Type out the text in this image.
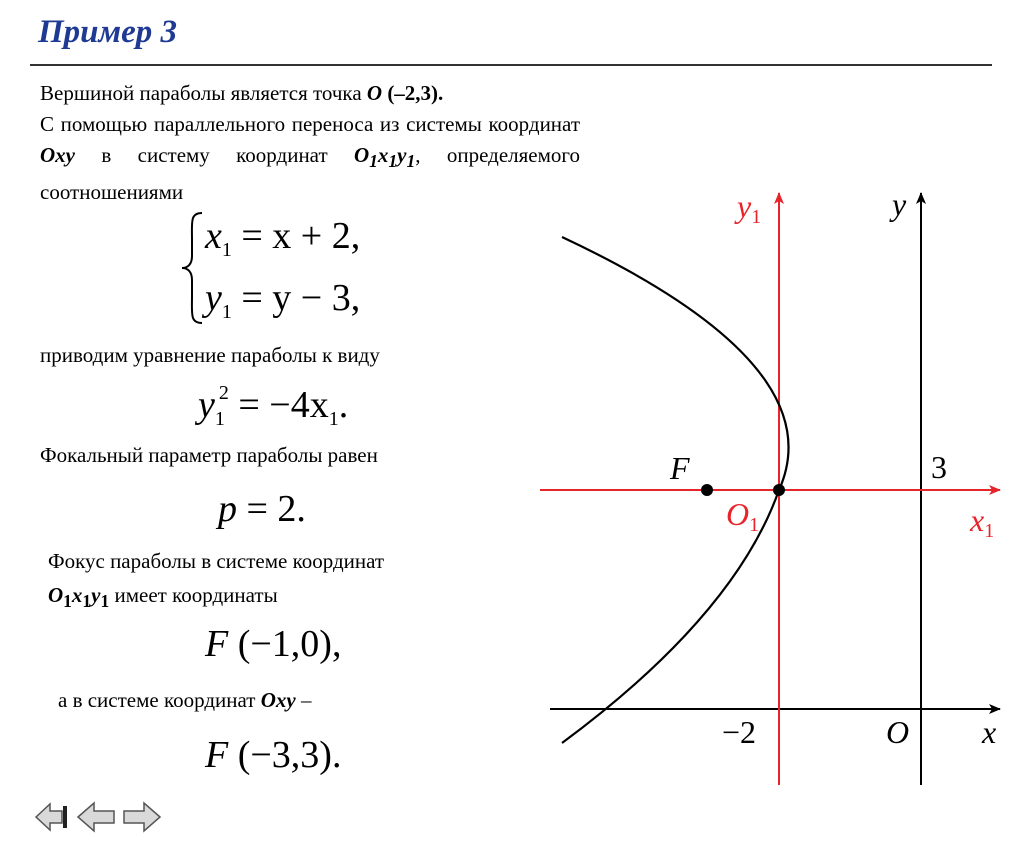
Пример 3
Вершиной параболы является точка O (–2,3).
С помощью параллельного переноса из системы координат Oxy в систему координат $O_1x_1y_1$, определяемого соотношениями
$x_1 = x + 2$,
$y_1 = y - 3$,
приводим уравнение параболы к виду
$y_1^2 = -4x_1$.
Фокальный параметр параболы равен
p = 2.
Фокус параболы в системе координат
$O_1x_1y_1$ имеет координаты
F (−1,0),
а в системе координат Oxy –
F (−3,3).
y1	y
x1
x
F
O1
O
3
−2
